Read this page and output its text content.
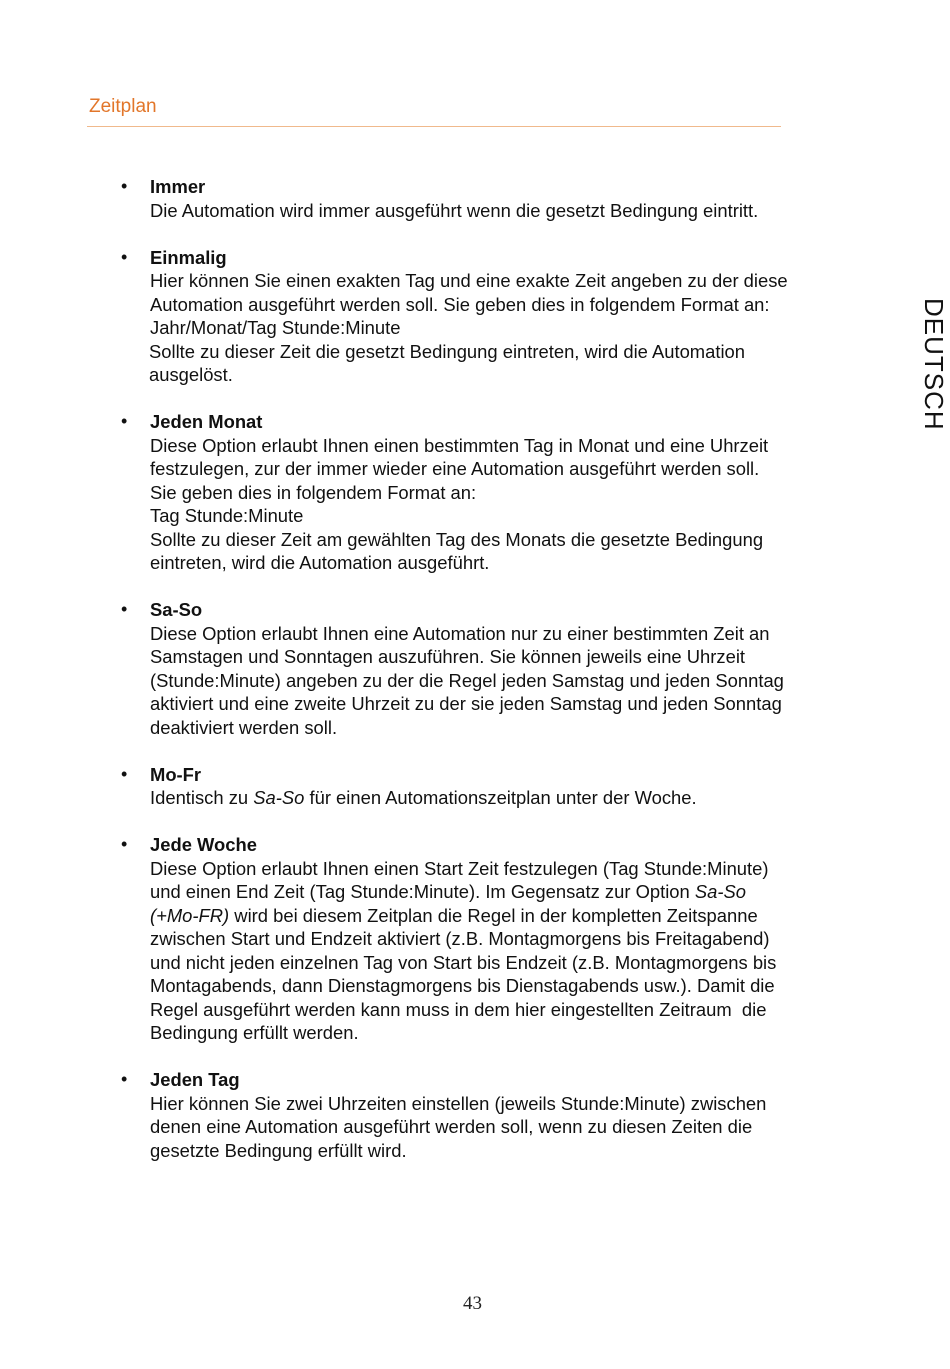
Zeitplan
DEUTSCH
• Immer
Die Automation wird immer ausgeführt wenn die gesetzt Bedingung eintritt.
• Einmalig
Hier können Sie einen exakten Tag und eine exakte Zeit angeben zu der diese
Automation ausgeführt werden soll. Sie geben dies in folgendem Format an:
Jahr/Monat/Tag Stunde:Minute
Sollte zu dieser Zeit die gesetzt Bedingung eintreten, wird die Automation
ausgelöst.
• Jeden Monat
Diese Option erlaubt Ihnen einen bestimmten Tag in Monat und eine Uhrzeit
festzulegen, zur der immer wieder eine Automation ausgeführt werden soll.
Sie geben dies in folgendem Format an:
Tag Stunde:Minute
Sollte zu dieser Zeit am gewählten Tag des Monats die gesetzte Bedingung
eintreten, wird die Automation ausgeführt.
• Sa-So
Diese Option erlaubt Ihnen eine Automation nur zu einer bestimmten Zeit an
Samstagen und Sonntagen auszuführen. Sie können jeweils eine Uhrzeit
(Stunde:Minute) angeben zu der die Regel jeden Samstag und jeden Sonntag
aktiviert und eine zweite Uhrzeit zu der sie jeden Samstag und jeden Sonntag
deaktiviert werden soll.
• Mo-Fr
Identisch zu Sa-So für einen Automationszeitplan unter der Woche.
• Jede Woche
Diese Option erlaubt Ihnen einen Start Zeit festzulegen (Tag Stunde:Minute)
und einen End Zeit (Tag Stunde:Minute). Im Gegensatz zur Option Sa-So
(+Mo-FR) wird bei diesem Zeitplan die Regel in der kompletten Zeitspanne
zwischen Start und Endzeit aktiviert (z.B. Montagmorgens bis Freitagabend)
und nicht jeden einzelnen Tag von Start bis Endzeit (z.B. Montagmorgens bis
Montagabends, dann Dienstagmorgens bis Dienstagabends usw.). Damit die
Regel ausgeführt werden kann muss in dem hier eingestellten Zeitraum  die
Bedingung erfüllt werden.
• Jeden Tag
Hier können Sie zwei Uhrzeiten einstellen (jeweils Stunde:Minute) zwischen
denen eine Automation ausgeführt werden soll, wenn zu diesen Zeiten die
gesetzte Bedingung erfüllt wird.
43
